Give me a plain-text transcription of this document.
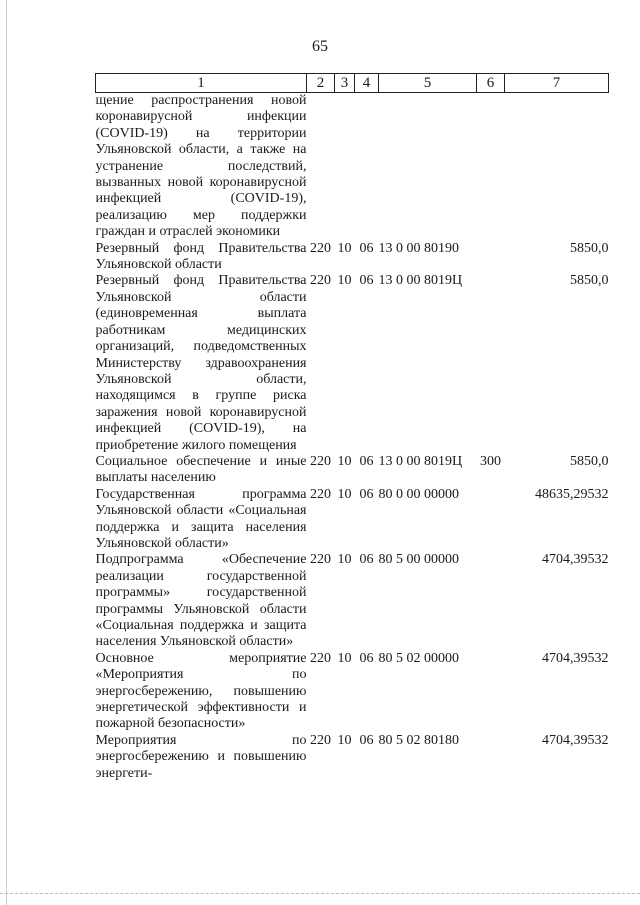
65
1	2	3	4	5	6	7
щение распространения новой коронавирусной инфекции (COVID-19) на территории Ульяновской области, а также на устранение последствий, вызванных новой коронавирусной инфекцией (COVID-19), реализацию мер поддержки граждан и отраслей экономики						
Резервный фонд Правительства Ульяновской области	220	10	06	13 0 00 80190		5850,0
Резервный фонд Правительства Ульяновской области (единовременная выплата работникам медицинских организаций, подведомственных Министерству здравоохранения Ульяновской области, находящимся в группе риска заражения новой коронавирусной инфекцией (COVID-19), на приобретение жилого помещения	220	10	06	13 0 00 8019Ц		5850,0
Социальное обеспечение и иные выплаты населению	220	10	06	13 0 00 8019Ц	300	5850,0
Государственная программа Ульяновской области «Социальная поддержка и защита населения Ульяновской области»	220	10	06	80 0 00 00000		48635,29532
Подпрограмма «Обеспечение реализации государственной программы» государственной программы Ульяновской области «Социальная поддержка и защита населения Ульяновской области»	220	10	06	80 5 00 00000		4704,39532
Основное мероприятие «Мероприятия по энергосбережению, повышению энергетической эффективности и пожарной безопасности»	220	10	06	80 5 02 00000		4704,39532
Мероприятия по энергосбережению и повышению энергети-	220	10	06	80 5 02 80180		4704,39532
